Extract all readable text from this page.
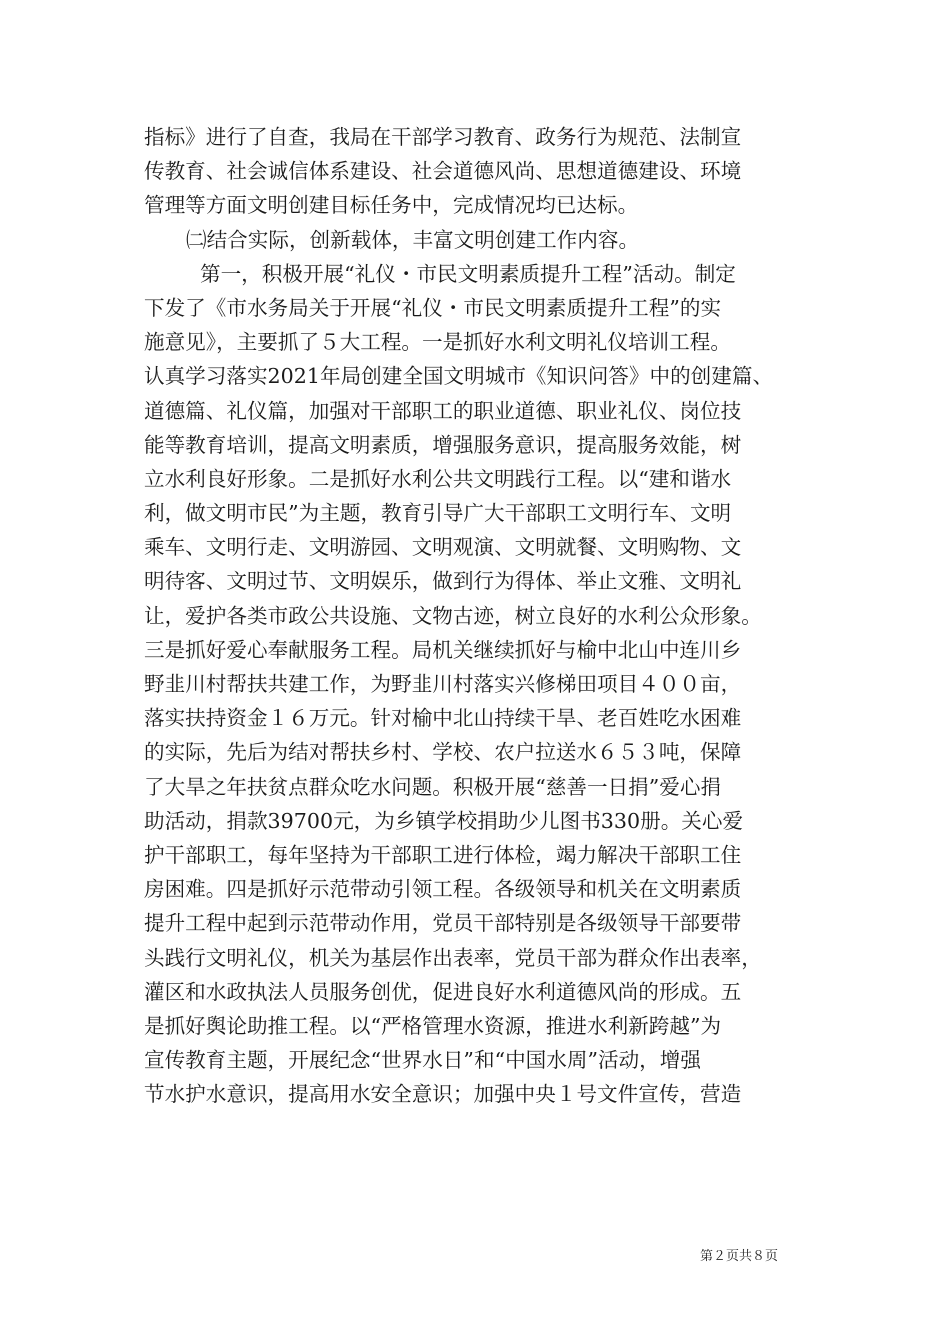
指标》进行了自查，我局在干部学习教育、政务行为规范、法制宣
传教育、社会诚信体系建设、社会道德风尚、思想道德建设、环境
管理等方面文明创建目标任务中，完成情况均已达标。
㈡结合实际，创新载体，丰富文明创建工作内容。
第一，积极开展“礼仪・市民文明素质提升工程”活动。制定
下发了《市水务局关于开展“礼仪・市民文明素质提升工程”的实
施意见》，主要抓了５大工程。一是抓好水利文明礼仪培训工程。
认真学习落实2021年局创建全国文明城市《知识问答》中的创建篇、
道德篇、礼仪篇，加强对干部职工的职业道德、职业礼仪、岗位技
能等教育培训，提高文明素质，增强服务意识，提高服务效能，树
立水利良好形象。二是抓好水利公共文明践行工程。以“建和谐水
利，做文明市民”为主题，教育引导广大干部职工文明行车、文明
乘车、文明行走、文明游园、文明观演、文明就餐、文明购物、文
明待客、文明过节、文明娱乐，做到行为得体、举止文雅、文明礼
让，爱护各类市政公共设施、文物古迹，树立良好的水利公众形象。
三是抓好爱心奉献服务工程。局机关继续抓好与榆中北山中连川乡
野韭川村帮扶共建工作，为野韭川村落实兴修梯田项目４００亩，
落实扶持资金１６万元。针对榆中北山持续干旱、老百姓吃水困难
的实际，先后为结对帮扶乡村、学校、农户拉送水６５３吨，保障
了大旱之年扶贫点群众吃水问题。积极开展“慈善一日捐”爱心捐
助活动，捐款39700元，为乡镇学校捐助少儿图书330册。关心爱
护干部职工，每年坚持为干部职工进行体检，竭力解决干部职工住
房困难。四是抓好示范带动引领工程。各级领导和机关在文明素质
提升工程中起到示范带动作用，党员干部特别是各级领导干部要带
头践行文明礼仪，机关为基层作出表率，党员干部为群众作出表率，
灌区和水政执法人员服务创优，促进良好水利道德风尚的形成。五
是抓好舆论助推工程。以“严格管理水资源，推进水利新跨越”为
宣传教育主题，开展纪念“世界水日”和“中国水周”活动，增强
节水护水意识，提高用水安全意识；加强中央１号文件宣传，营造
第２页共８页
